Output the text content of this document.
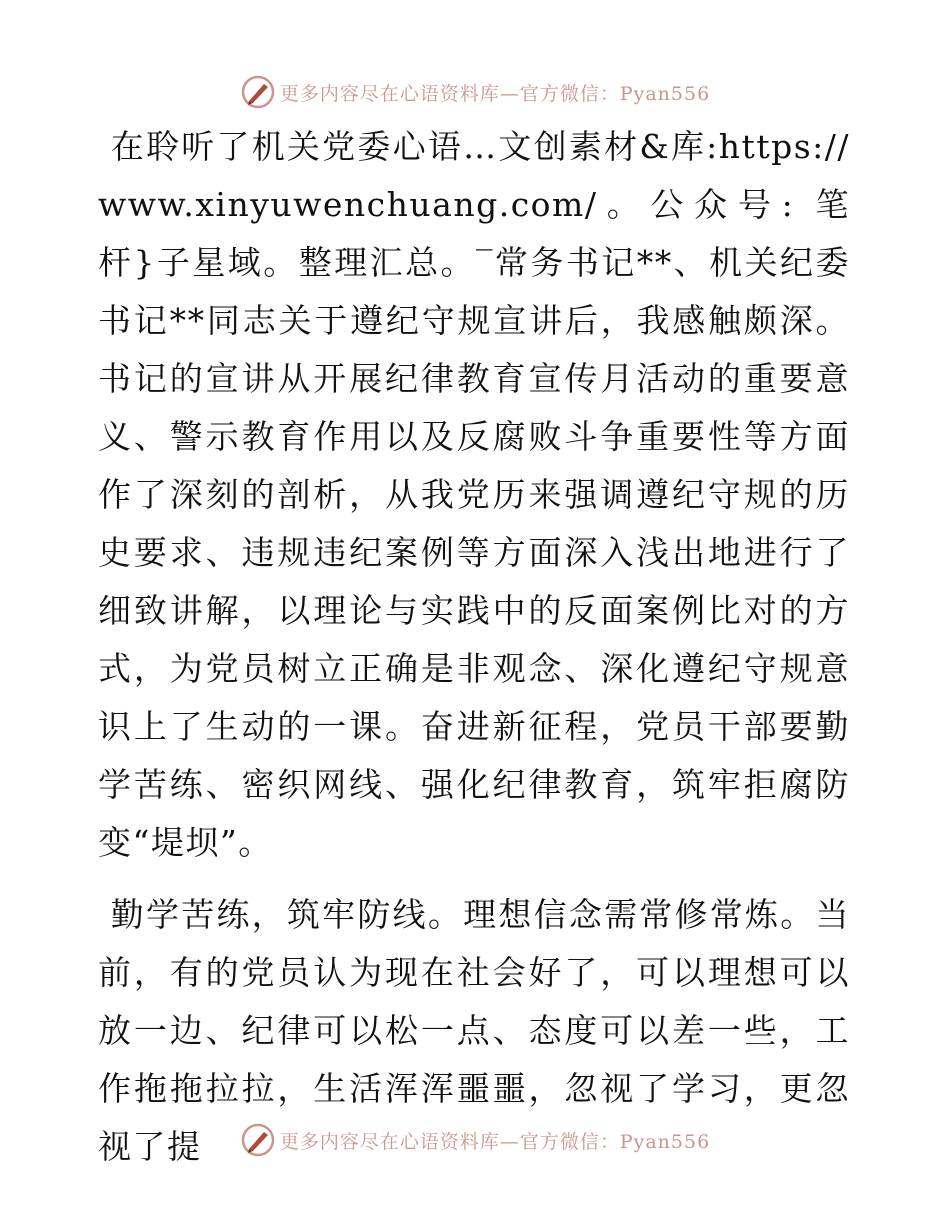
更多内容尽在心语资料库—官方微信：Pyan556

在聆听了机关党委心语…文创素材&库:https://www.xinyuwenchuang.com/。公众号: 笔杆}子星域。整理汇总。‾常务书记**、机关纪委书记**同志关于遵纪守规宣讲后，我感触颇深。书记的宣讲从开展纪律教育宣传月活动的重要意义、警示教育作用以及反腐败斗争重要性等方面作了深刻的剖析，从我党历来强调遵纪守规的历史要求、违规违纪案例等方面深入浅出地进行了细致讲解，以理论与实践中的反面案例比对的方式，为党员树立正确是非观念、深化遵纪守规意识上了生动的一课。奋进新征程，党员干部要勤学苦练、密织网线、强化纪律教育，筑牢拒腐防变“堤坝”。

勤学苦练，筑牢防线。理想信念需常修常炼。当前，有的党员认为现在社会好了，可以理想可以放一边、纪律可以松一点、态度可以差一些，工作拖拖拉拉，生活浑浑噩噩，忽视了学习，更忽视了提	更多内容尽在心语资料库—官方微信：Pyan556
